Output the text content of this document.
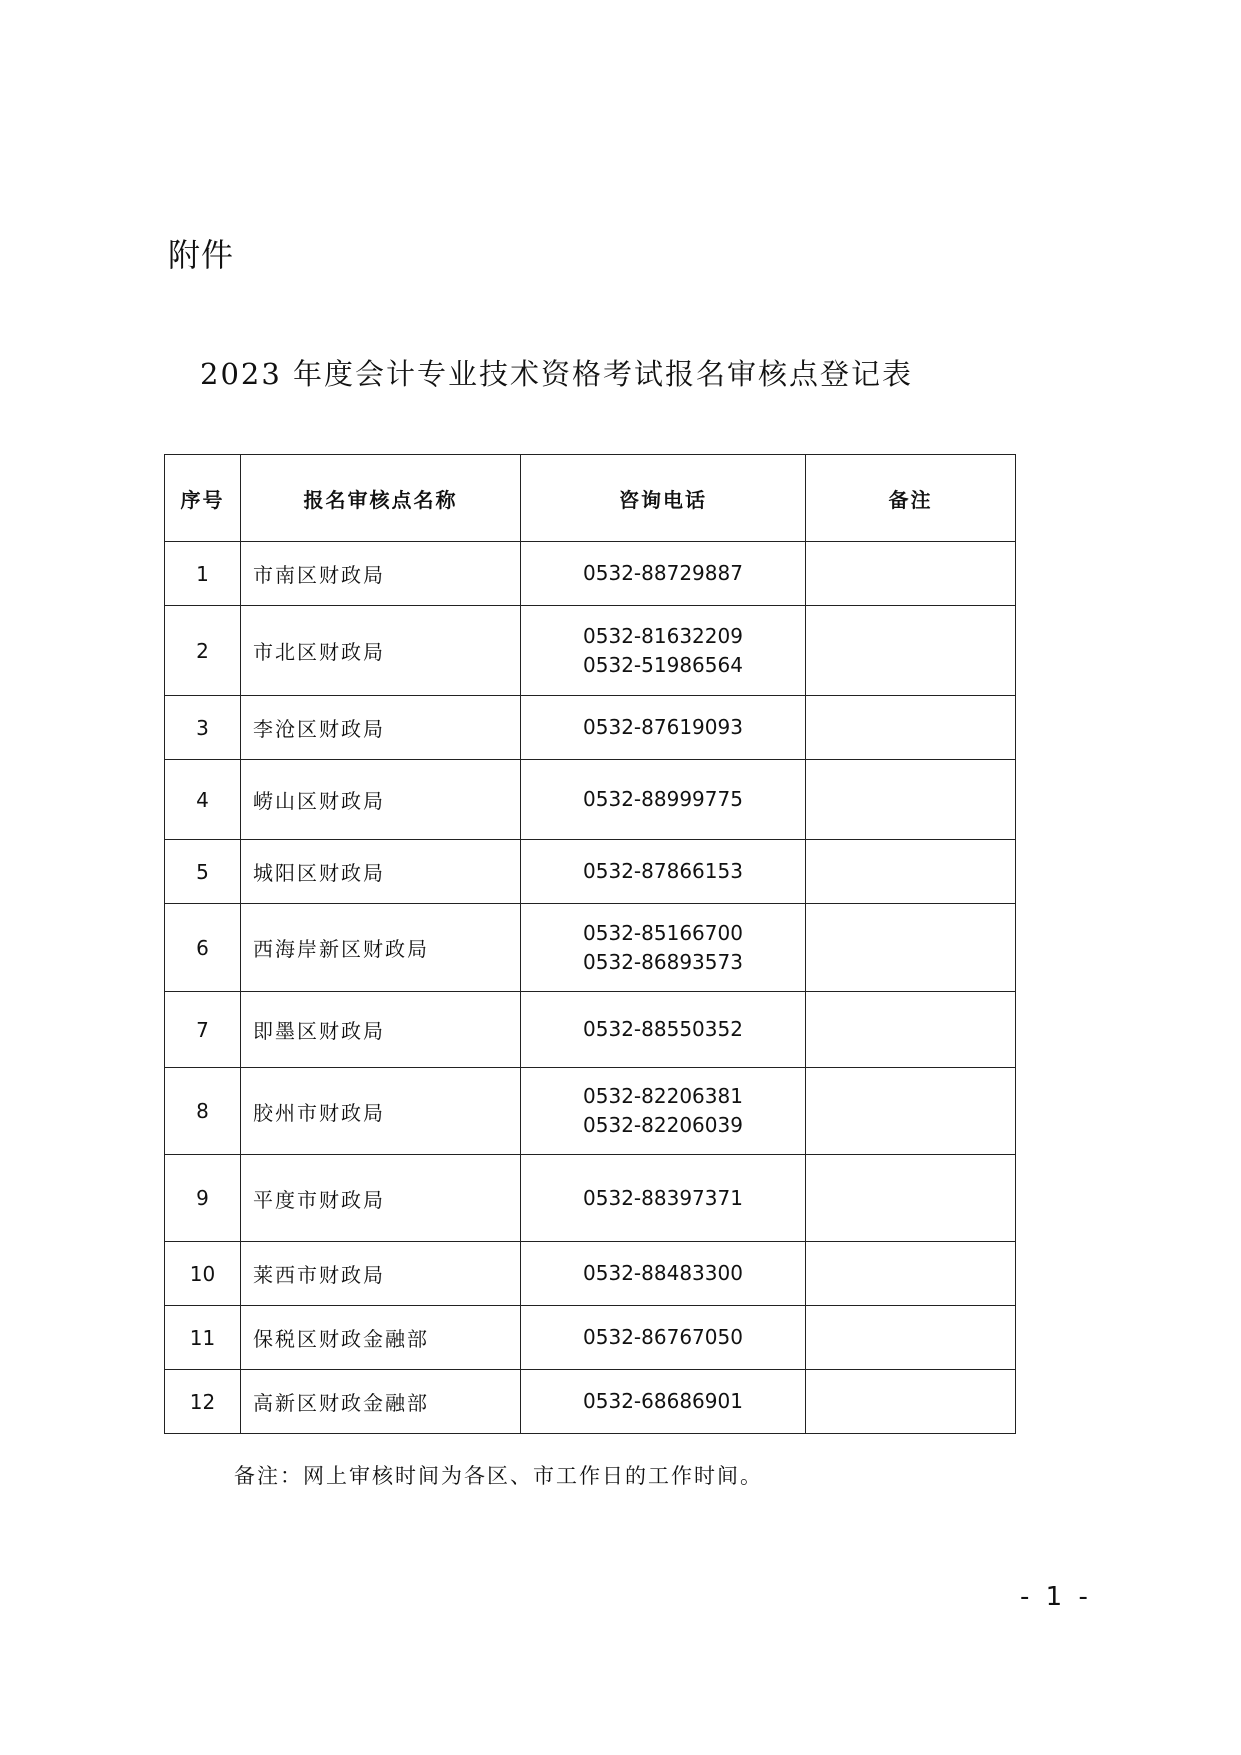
附件
2023 年度会计专业技术资格考试报名审核点登记表
序号	报名审核点名称	咨询电话	备注
1	市南区财政局	0532-88729887	

2	市北区财政局	0532-81632209
0532-51986564	

3	李沧区财政局	0532-87619093	

4	崂山区财政局	0532-88999775	

5	城阳区财政局	0532-87866153	

6	西海岸新区财政局	0532-85166700
0532-86893573	

7	即墨区财政局	0532-88550352	

8	胶州市财政局	0532-82206381
0532-82206039	

9	平度市财政局	0532-88397371	

10	莱西市财政局	0532-88483300	

11	保税区财政金融部	0532-86767050	

12	高新区财政金融部	0532-68686901	

备注：网上审核时间为各区、市工作日的工作时间。
- 1 -
